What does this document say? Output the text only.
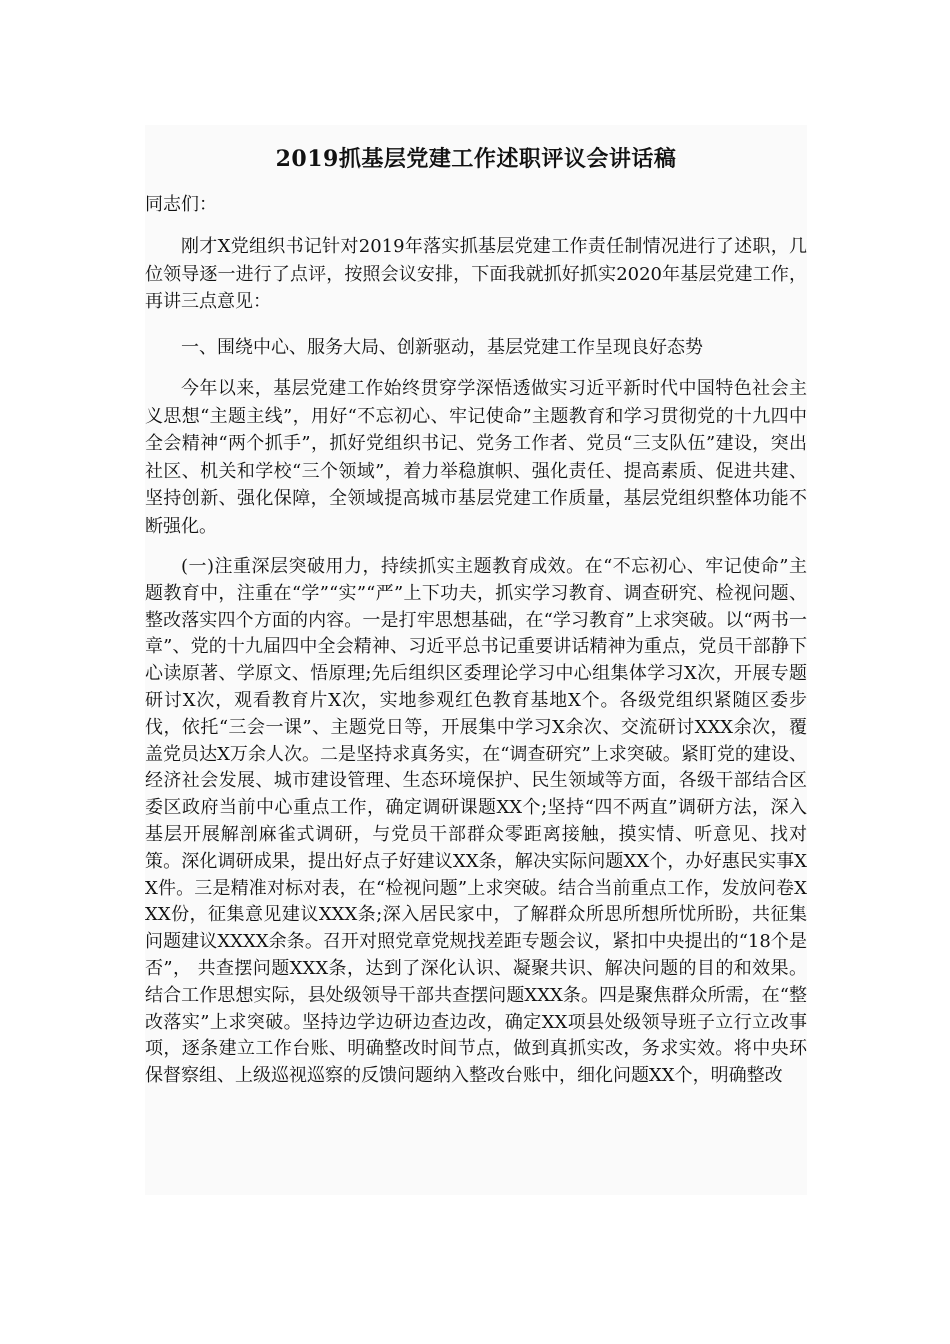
2019抓基层党建工作述职评议会讲话稿

同志们：

刚才X党组织书记针对2019年落实抓基层党建工作责任制情况进行了述职，几位领导逐一进行了点评，按照会议安排，下面我就抓好抓实2020年基层党建工作，再讲三点意见：

一、围绕中心、服务大局、创新驱动，基层党建工作呈现良好态势

今年以来，基层党建工作始终贯穿学深悟透做实习近平新时代中国特色社会主义思想“主题主线”，用好“不忘初心、牢记使命”主题教育和学习贯彻党的十九四中全会精神“两个抓手”，抓好党组织书记、党务工作者、党员“三支队伍”建设，突出社区、机关和学校“三个领域”，着力举稳旗帜、强化责任、提高素质、促进共建、坚持创新、强化保障，全领域提高城市基层党建工作质量，基层党组织整体功能不断强化。

(一)注重深层突破用力，持续抓实主题教育成效。在“不忘初心、牢记使命”主题教育中，注重在“学”“实”“严”上下功夫，抓实学习教育、调查研究、检视问题、整改落实四个方面的内容。一是打牢思想基础，在“学习教育”上求突破。以“两书一章”、党的十九届四中全会精神、习近平总书记重要讲话精神为重点，党员干部静下心读原著、学原文、悟原理;先后组织区委理论学习中心组集体学习X次，开展专题研讨X次，观看教育片X次，实地参观红色教育基地X个。各级党组织紧随区委步伐，依托“三会一课”、主题党日等，开展集中学习X余次、交流研讨XXX余次，覆盖党员达X万余人次。二是坚持求真务实，在“调查研究”上求突破。紧盯党的建设、经济社会发展、城市建设管理、生态环境保护、民生领域等方面，各级干部结合区委区政府当前中心重点工作，确定调研课题XX个;坚持“四不两直”调研方法，深入基层开展解剖麻雀式调研，与党员干部群众零距离接触，摸实情、听意见、找对策。深化调研成果，提出好点子好建议XX条，解决实际问题XX个，办好惠民实事XX件。三是精准对标对表，在“检视问题”上求突破。结合当前重点工作，发放问卷XXX份，征集意见建议XXX条;深入居民家中，了解群众所思所想所忧所盼，共征集问题建议XXXX余条。召开对照党章党规找差距专题会议，紧扣中央提出的“18个是否”， 共查摆问题XXX条，达到了深化认识、凝聚共识、解决问题的目的和效果。结合工作思想实际，县处级领导干部共查摆问题XXX条。四是聚焦群众所需，在“整改落实”上求突破。坚持边学边研边查边改，确定XX项县处级领导班子立行立改事项，逐条建立工作台账、明确整改时间节点，做到真抓实改，务求实效。将中央环保督察组、上级巡视巡察的反馈问题纳入整改台账中，细化问题XX个，明确整改
